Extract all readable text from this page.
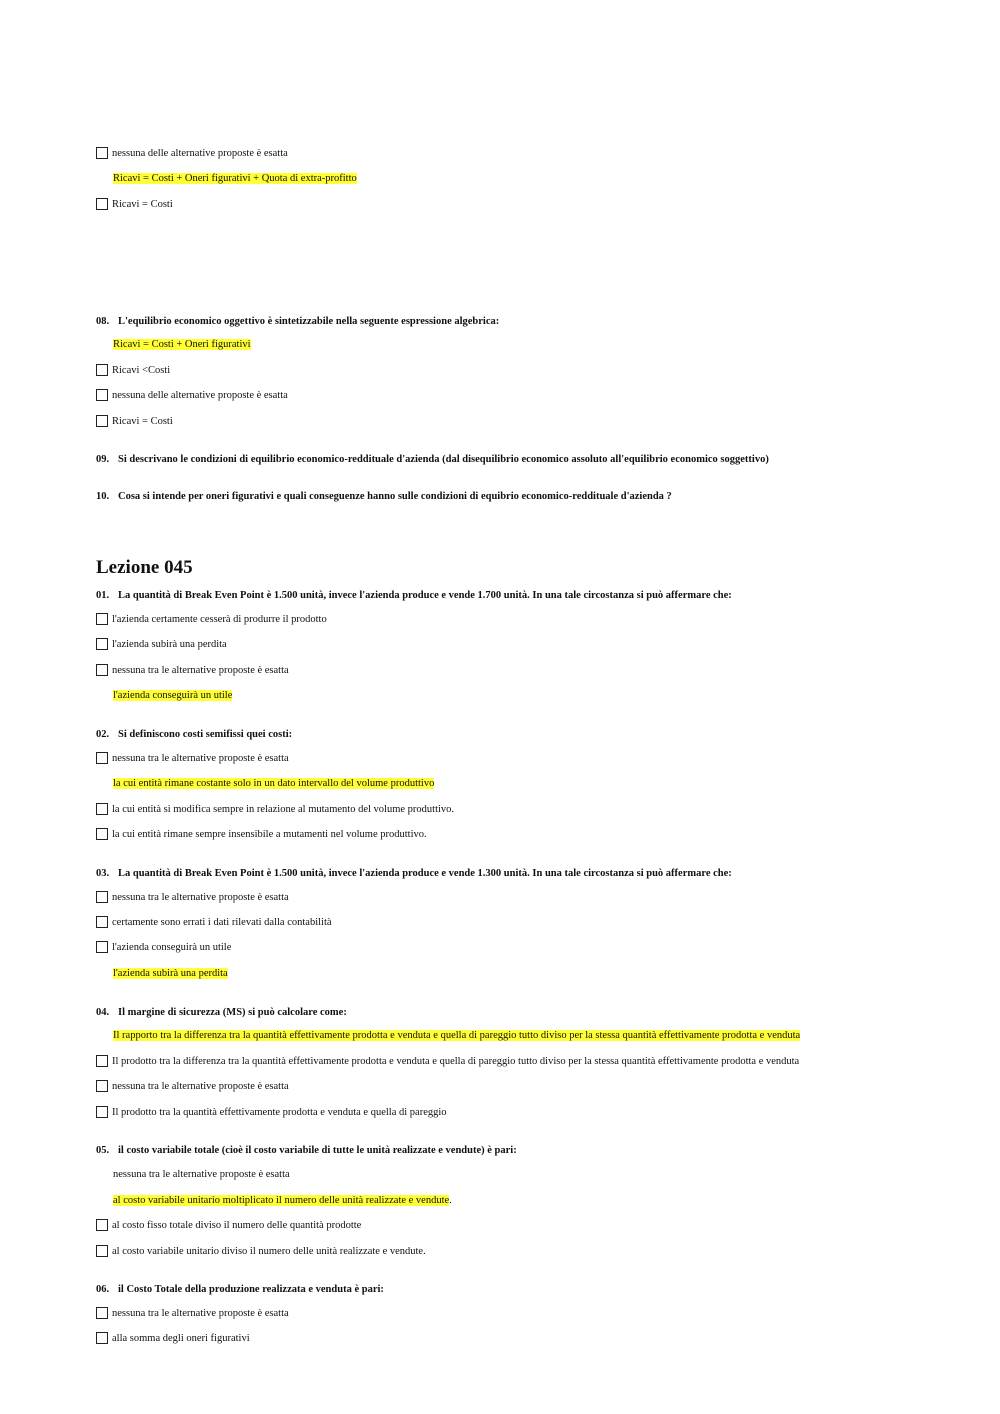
nessuna delle alternative proposte è esatta
Ricavi = Costi + Oneri figurativi + Quota di extra-profitto
Ricavi = Costi
08. L'equilibrio economico oggettivo è sintetizzabile nella seguente espressione algebrica:
Ricavi = Costi + Oneri figurativi
Ricavi <Costi
nessuna delle alternative proposte è esatta
Ricavi = Costi
09. Si descrivano le condizioni di equilibrio economico-reddituale d'azienda (dal disequilibrio economico assoluto all'equilibrio economico soggettivo)
10. Cosa si intende per oneri figurativi e quali conseguenze hanno sulle condizioni di equibrio economico-reddituale d'azienda ?
Lezione 045
01. La quantità di Break Even Point è 1.500 unità, invece l'azienda produce e vende 1.700 unità. In una tale circostanza si può affermare che:
l'azienda certamente cesserà di produrre il prodotto
l'azienda subirà una perdita
nessuna tra le alternative proposte è esatta
l'azienda conseguirà un utile
02. Si definiscono costi semifissi quei costi:
nessuna tra le alternative proposte è esatta
la cui entità rimane costante solo in un dato intervallo del volume produttivo
la cui entità si modifica sempre in relazione al mutamento del volume produttivo.
la cui entità rimane sempre insensibile a mutamenti nel volume produttivo.
03. La quantità di Break Even Point è 1.500 unità, invece l'azienda produce e vende 1.300 unità. In una tale circostanza si può affermare che:
nessuna tra le alternative proposte è esatta
certamente sono errati i dati rilevati dalla contabilità
l'azienda conseguirà un utile
l'azienda subirà una perdita
04. Il margine di sicurezza (MS) si può calcolare come:
Il rapporto tra la differenza tra la quantità effettivamente prodotta e venduta e quella di pareggio tutto diviso per la stessa quantità effettivamente prodotta e venduta
Il prodotto tra la differenza tra la quantità effettivamente prodotta e venduta e quella di pareggio tutto diviso per la stessa quantità effettivamente prodotta e venduta
nessuna tra le alternative proposte è esatta
Il prodotto tra la quantità effettivamente prodotta e venduta e quella di pareggio
05. il costo variabile totale (cioè il costo variabile di tutte le unità realizzate e vendute) è pari:
nessuna tra le alternative proposte è esatta
al costo variabile unitario moltiplicato il numero delle unità realizzate e vendute.
al costo fisso totale diviso il numero delle quantità prodotte
al costo variabile unitario diviso il numero delle unità realizzate e vendute.
06. il Costo Totale della produzione realizzata e venduta è pari:
nessuna tra le alternative proposte è esatta
alla somma degli oneri figurativi
